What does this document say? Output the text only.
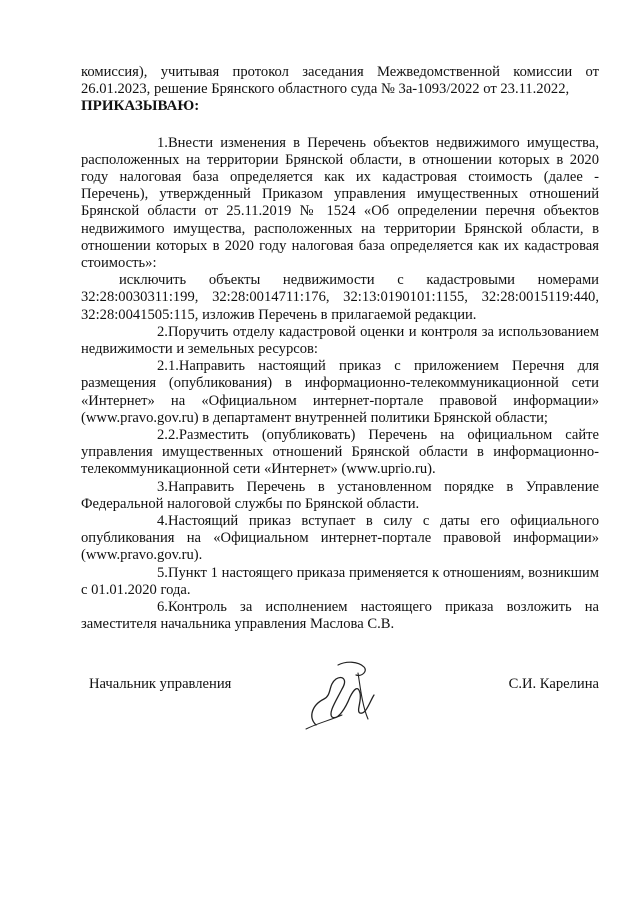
комиссия), учитывая протокол заседания Межведомственной комиссии от 26.01.2023, решение Брянского областного суда № 3а-1093/2022 от 23.11.2022,

ПРИКАЗЫВАЮ:

1.Внести изменения в Перечень объектов недвижимого имущества, расположенных на территории Брянской области, в отношении которых в 2020 году налоговая база определяется как их кадастровая стоимость (далее - Перечень), утвержденный Приказом управления имущественных отношений Брянской области от 25.11.2019 № 1524 «Об определении перечня объектов недвижимого имущества, расположенных на территории Брянской области, в отношении которых в 2020 году налоговая база определяется как их кадастровая стоимость»:

исключить объекты недвижимости с кадастровыми номерами 32:28:0030311:199, 32:28:0014711:176, 32:13:0190101:1155, 32:28:0015119:440, 32:28:0041505:115, изложив Перечень в прилагаемой редакции.

2.Поручить отделу кадастровой оценки и контроля за использованием недвижимости и земельных ресурсов:

2.1.Направить настоящий приказ с приложением Перечня для размещения (опубликования) в информационно-телекоммуникационной сети «Интернет» на «Официальном интернет-портале правовой информации» (www.pravo.gov.ru) в департамент внутренней политики Брянской области;

2.2.Разместить (опубликовать) Перечень на официальном сайте управления имущественных отношений Брянской области в информационно-телекоммуникационной сети «Интернет» (www.uprio.ru).

3.Направить Перечень в установленном порядке в Управление Федеральной налоговой службы по Брянской области.

4.Настоящий приказ вступает в силу с даты его официального опубликования на «Официальном интернет-портале правовой информации» (www.pravo.gov.ru).

5.Пункт 1 настоящего приказа применяется к отношениям, возникшим с 01.01.2020 года.

6.Контроль за исполнением настоящего приказа возложить на заместителя начальника управления Маслова С.В.

Начальник управления	С.И. Карелина
